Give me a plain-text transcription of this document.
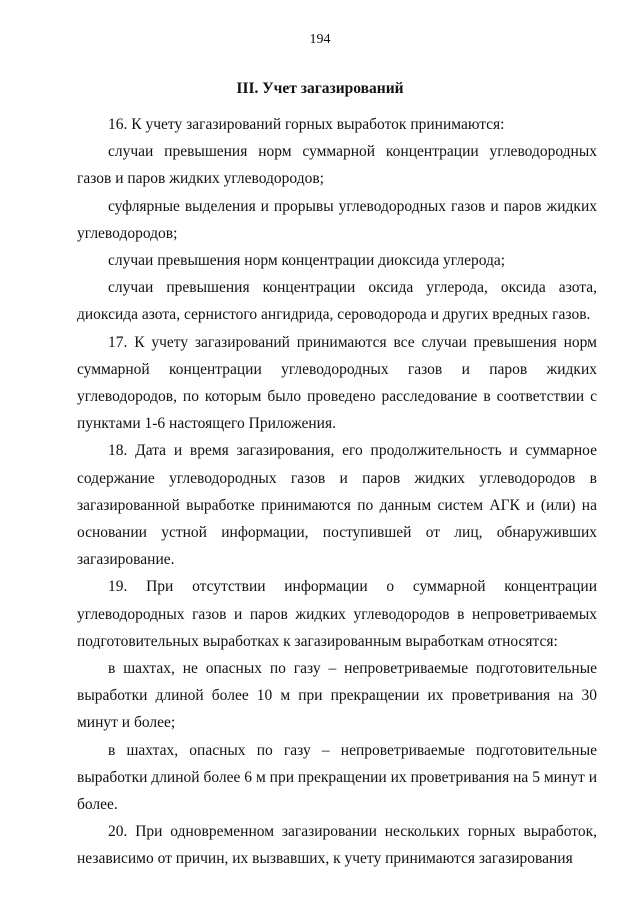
194
III. Учет загазирований

16. К учету загазирований горных выработок принимаются:

случаи превышения норм суммарной концентрации углеводородных газов и паров жидких углеводородов;

суфлярные выделения и прорывы углеводородных газов и паров жидких углеводородов;

случаи превышения норм концентрации диоксида углерода;

случаи превышения концентрации оксида углерода, оксида азота, диоксида азота, сернистого ангидрида, сероводорода и других вредных газов.

17. К учету загазирований принимаются все случаи превышения норм суммарной концентрации углеводородных газов и паров жидких углеводородов, по которым было проведено расследование в соответствии с пунктами 1-6 настоящего Приложения.

18. Дата и время загазирования, его продолжительность и суммарное содержание углеводородных газов и паров жидких углеводородов в загазированной выработке принимаются по данным систем АГК и (или) на основании устной информации, поступившей от лиц, обнаруживших загазирование.

19. При отсутствии информации о суммарной концентрации углеводородных газов и паров жидких углеводородов в непроветриваемых подготовительных выработках к загазированным выработкам относятся:

в шахтах, не опасных по газу – непроветриваемые подготовительные выработки длиной более 10 м при прекращении их проветривания на 30 минут и более;

в шахтах, опасных по газу – непроветриваемые подготовительные выработки длиной более 6 м при прекращении их проветривания на 5 минут и более.

20. При одновременном загазировании нескольких горных выработок, независимо от причин, их вызвавших, к учету принимаются загазирования
